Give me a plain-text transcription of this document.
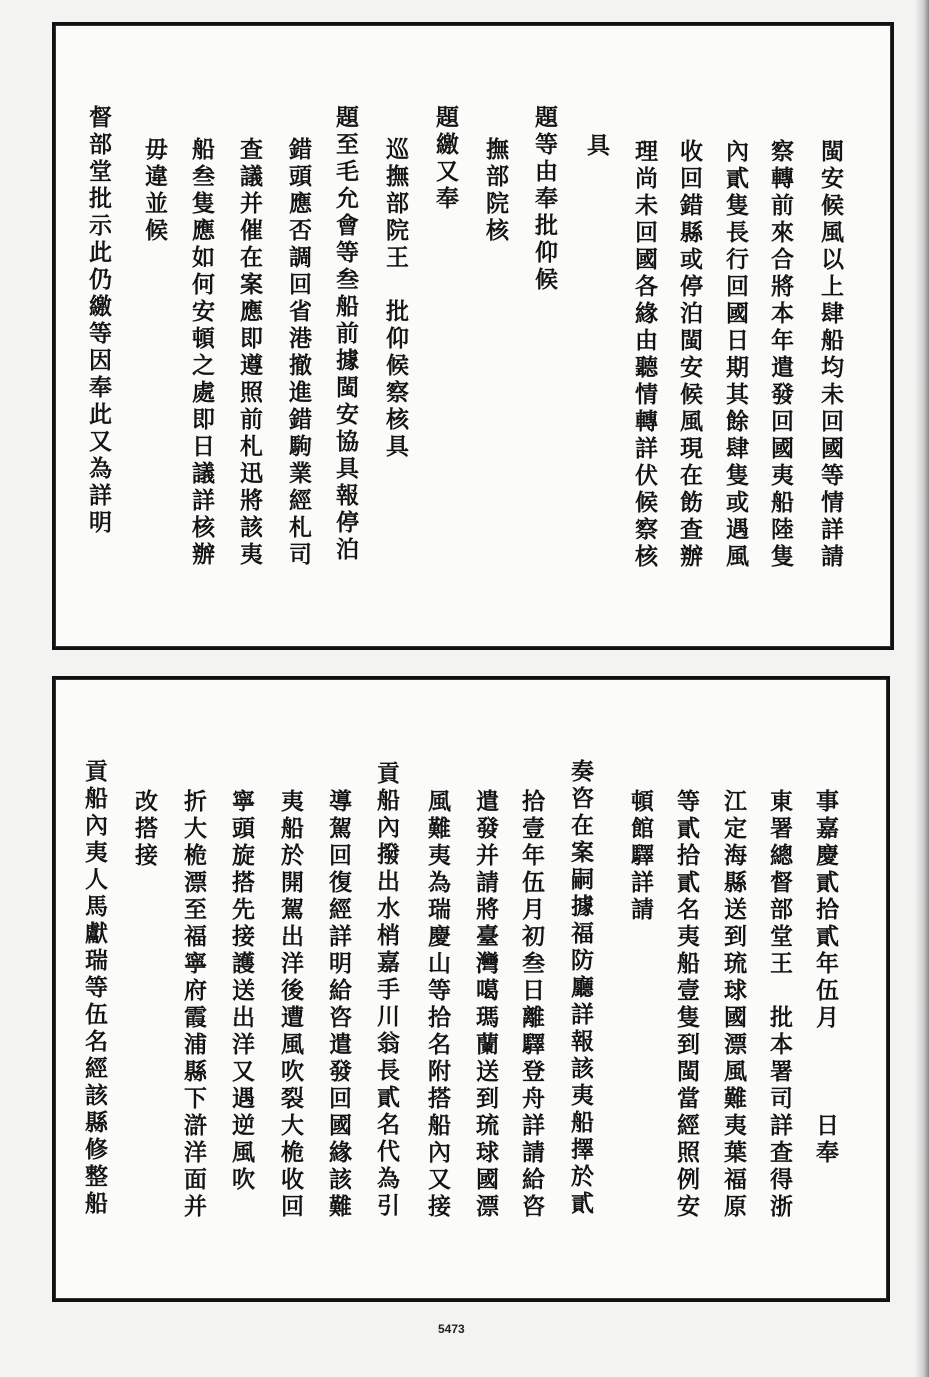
閩安候風以上肆船均未回國等情詳請

察轉前來合將本年遣發回國夷船陸隻

內貳隻長行回國日期其餘肆隻或遇風

收回錯縣或停泊閩安候風現在飭查辦

理尚未回國各緣由聽情轉詳伏候察核

具

題等由奉批仰候

撫部院核

題繳又奉

巡撫部院王　批仰候察核具

題至毛允會等叁船前據閩安協具報停泊

錯頭應否調回省港撤進錯駒業經札司

查議并催在案應即遵照前札迅將該夷

船叁隻應如何安頓之處即日議詳核辦

毋違並候

督部堂批示此仍繳等因奉此又為詳明

事嘉慶貳拾貳年伍月　　　日奉

東署總督部堂王　批本署司詳查得浙

江定海縣送到琉球國漂風難夷葉福原

等貳拾貳名夷船壹隻到閩當經照例安

頓館驛詳請

奏咨在案嗣據福防廳詳報該夷船擇於貳

拾壹年伍月初叁日離驛登舟詳請給咨

遣發并請將臺灣噶瑪蘭送到琉球國漂

風難夷為瑞慶山等拾名附搭船內又接

貢船內撥出水梢嘉手川翁長貳名代為引

導駕回復經詳明給咨遣發回國緣該難

夷船於開駕出洋後遭風吹裂大桅收回

寧頭旋搭先接護送出洋又遇逆風吹

折大桅漂至福寧府霞浦縣下滸洋面并

改搭接

貢船內夷人馬獻瑞等伍名經該縣修整船

5473
